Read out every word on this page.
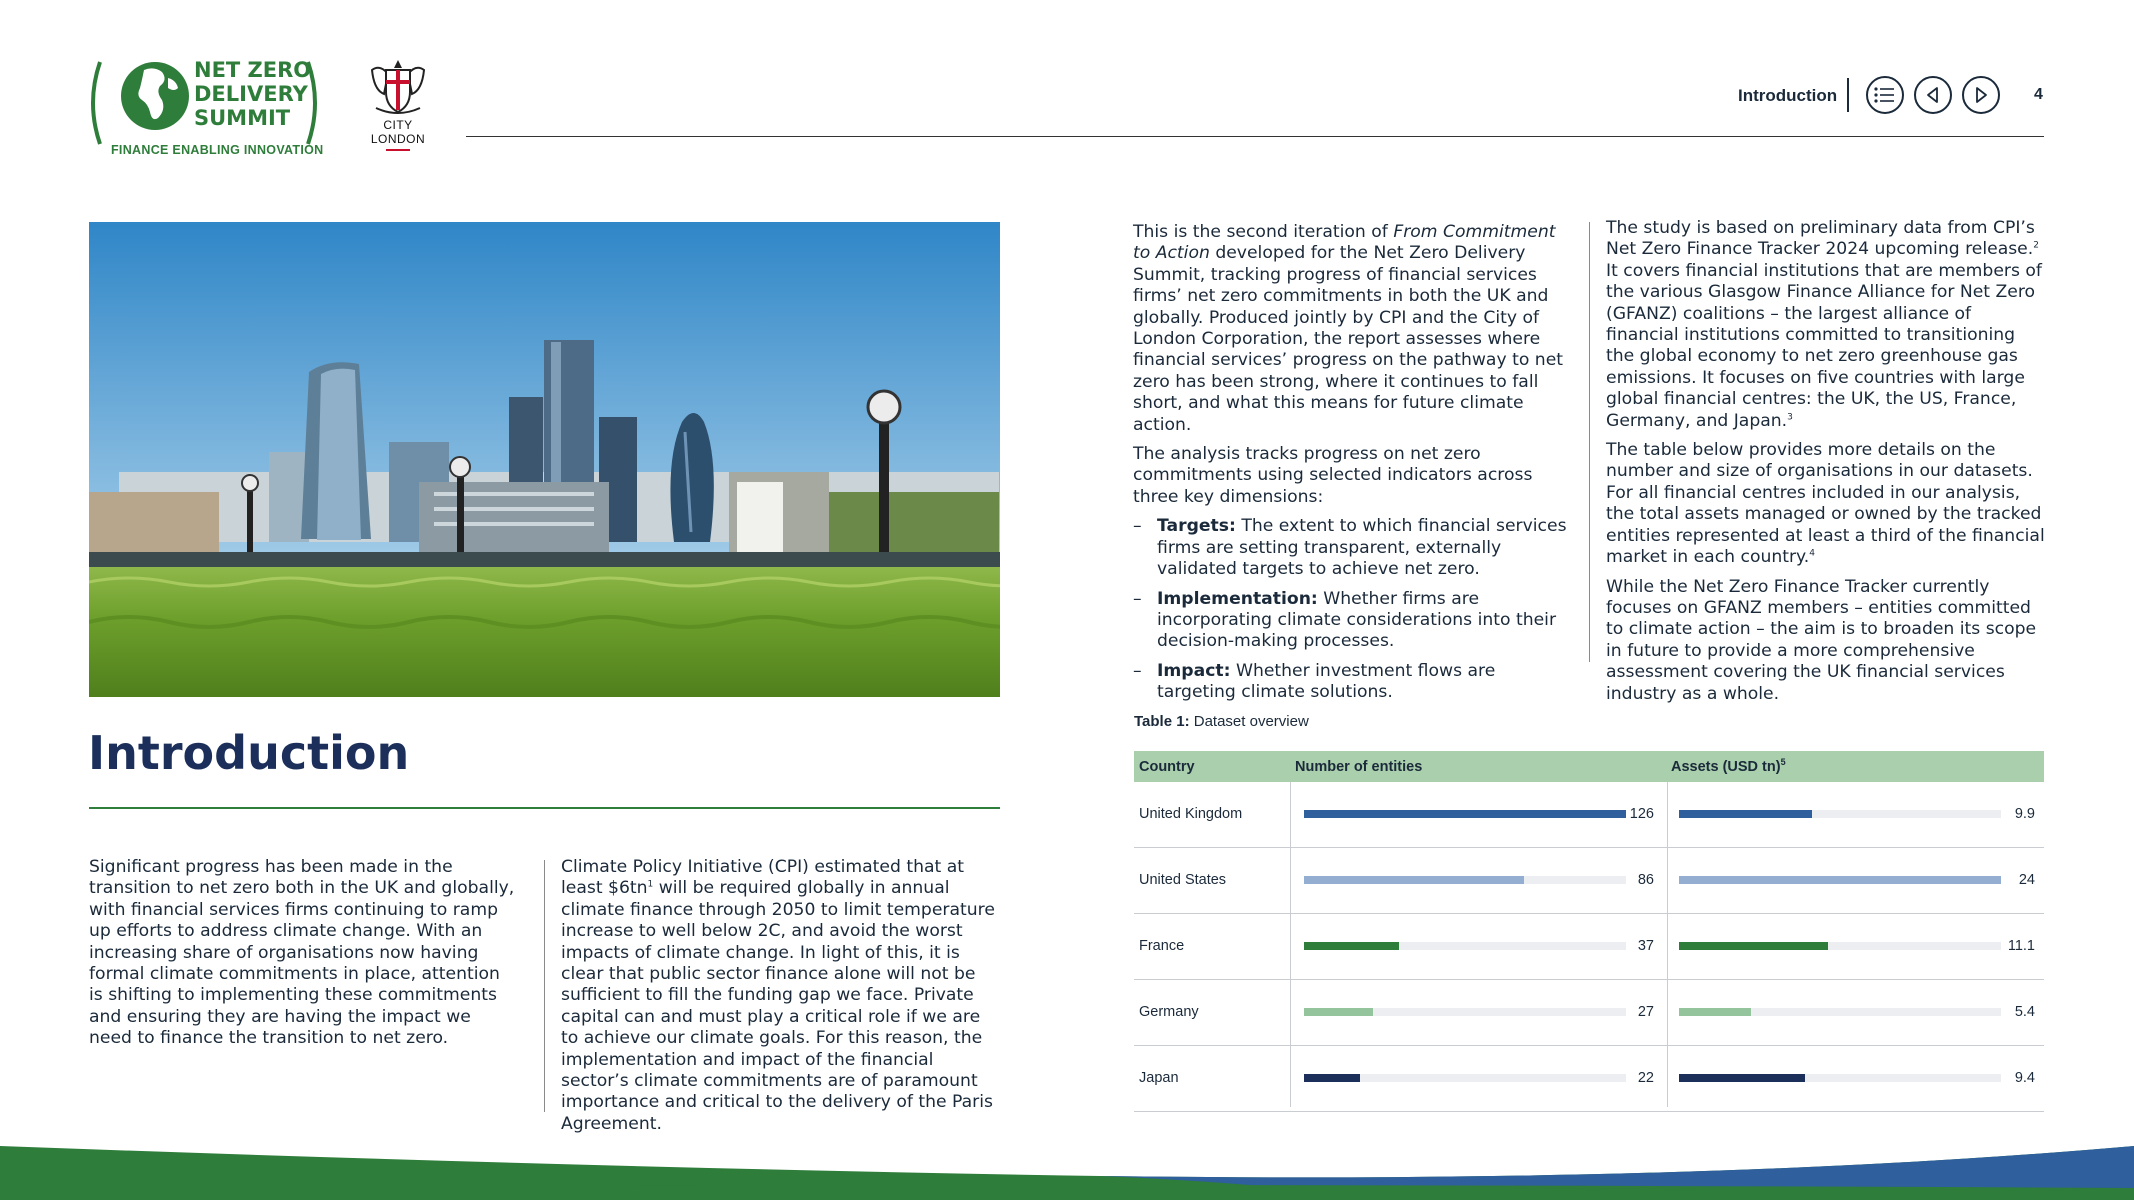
NET ZERO
DELIVERY
SUMMIT
FINANCE ENABLING INNOVATION
CITY
LONDON
Introduction	4
Introduction

Significant progress has been made in the transition to net zero both in the UK and globally, with financial services firms continuing to ramp up efforts to address climate change. With an increasing share of organisations now having formal climate commitments in place, attention is shifting to implementing these commitments and ensuring they are having the impact we need to finance the transition to net zero.

Climate Policy Initiative (CPI) estimated that at least $\$6tn^1$ will be required globally in annual climate finance through 2050 to limit temperature increase to well below 2C, and avoid the worst impacts of climate change. In light of this, it is clear that public sector finance alone will not be sufficient to fill the funding gap we face. Private capital can and must play a critical role if we are to achieve our climate goals. For this reason, the implementation and impact of the financial sector’s climate commitments are of paramount importance and critical to the delivery of the Paris Agreement.

This is the second iteration of From Commitment to Action developed for the Net Zero Delivery Summit, tracking progress of financial services firms’ net zero commitments in both the UK and globally. Produced jointly by CPI and the City of London Corporation, the report assesses where financial services’ progress on the pathway to net zero has been strong, where it continues to fall short, and what this means for future climate action.

The analysis tracks progress on net zero commitments using selected indicators across three key dimensions:

– Targets: The extent to which financial services firms are setting transparent, externally validated targets to achieve net zero.
– Implementation: Whether firms are incorporating climate considerations into their decision-making processes.
– Impact: Whether investment flows are targeting climate solutions.

The study is based on preliminary data from CPI’s Net Zero Finance Tracker 2024 upcoming release.$^2$ It covers financial institutions that are members of the various Glasgow Finance Alliance for Net Zero (GFANZ) coalitions – the largest alliance of financial institutions committed to transitioning the global economy to net zero greenhouse gas emissions. It focuses on five countries with large global financial centres: the UK, the US, France, Germany, and Japan.$^3$

The table below provides more details on the number and size of organisations in our datasets. For all financial centres included in our analysis, the total assets managed or owned by the tracked entities represented at least a third of the financial market in each country.$^4$

While the Net Zero Finance Tracker currently focuses on GFANZ members – entities committed to climate action – the aim is to broaden its scope in future to provide a more comprehensive assessment covering the UK financial services industry as a whole.

Table 1: Dataset overview
Country	Number of entities	Assets (USD tn)$^5$
United Kingdom	126	9.9
United States	86	24
France	37	11.1
Germany	27	5.4
Japan	22	9.4
